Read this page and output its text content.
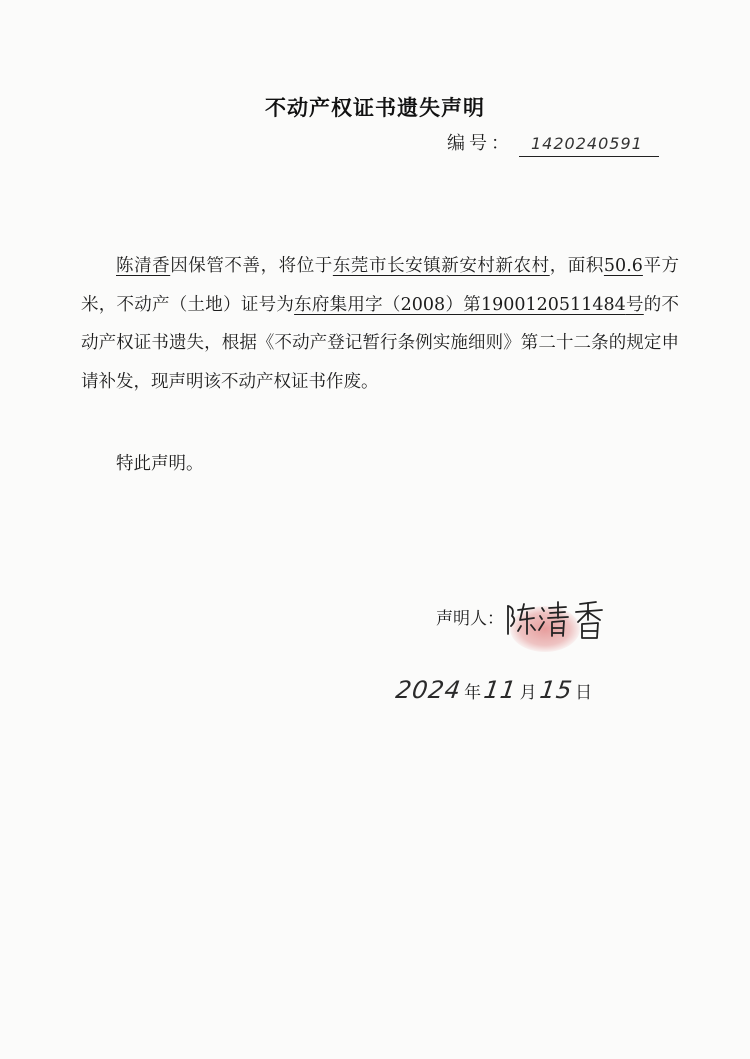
不动产权证书遗失声明
编号： 1420240591

陈清香因保管不善，将位于东莞市长安镇新安村新农村，面积50.6平方米，不动产（土地）证号为东府集用字（2008）第1900120511484号的不动产权证书遗失，根据《不动产登记暂行条例实施细则》第二十二条的规定申请补发，现声明该不动产权证书作废。

特此声明。
声明人：
2024年11月15日
